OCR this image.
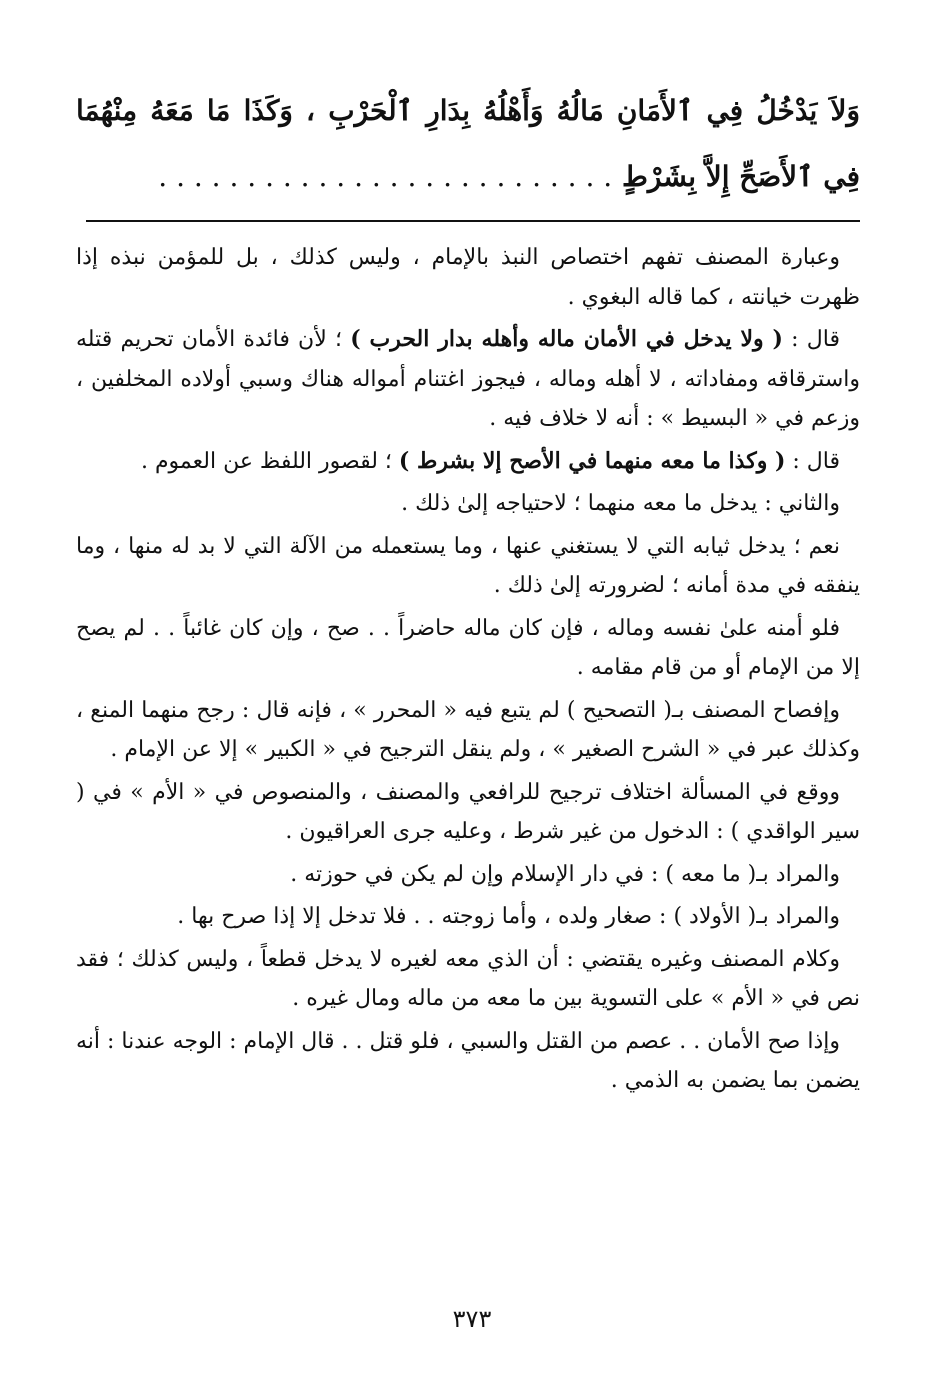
وَلاَ يَدْخُلُ فِي ٱلأَمَانِ مَالُهُ وَأَهْلُهُ بِدَارِ ٱلْحَرْبِ ، وَكَذَا مَا مَعَهُ مِنْهُمَا فِي ٱلأَصَحِّ إِلاَّ بِشَرْطٍ . . . . . . . . . . . . . . . . . . . . . . . . . .

وعبارة المصنف تفهم اختصاص النبذ بالإمام ، وليس كذلك ، بل للمؤمن نبذه إذا ظهرت خيانته ، كما قاله البغوي .

قال : ( ولا يدخل في الأمان ماله وأهله بدار الحرب ) ؛ لأن فائدة الأمان تحريم قتله واسترقاقه ومفاداته ، لا أهله وماله ، فيجوز اغتنام أمواله هناك وسبي أولاده المخلفين ، وزعم في « البسيط » : أنه لا خلاف فيه .

قال : ( وكذا ما معه منهما في الأصح إلا بشرط ) ؛ لقصور اللفظ عن العموم .

والثاني : يدخل ما معه منهما ؛ لاحتياجه إلىٰ ذلك .

نعم ؛ يدخل ثيابه التي لا يستغني عنها ، وما يستعمله من الآلة التي لا بد له منها ، وما ينفقه في مدة أمانه ؛ لضرورته إلىٰ ذلك .

فلو أمنه علىٰ نفسه وماله ، فإن كان ماله حاضراً . . صح ، وإن كان غائباً . . لم يصح إلا من الإمام أو من قام مقامه .

وإفصاح المصنف بـ( التصحيح ) لم يتبع فيه « المحرر » ، فإنه قال : رجح منهما المنع ، وكذلك عبر في « الشرح الصغير » ، ولم ينقل الترجيح في « الكبير » إلا عن الإمام .

ووقع في المسألة اختلاف ترجيح للرافعي والمصنف ، والمنصوص في « الأم » في ( سير الواقدي ) : الدخول من غير شرط ، وعليه جرى العراقيون .

والمراد بـ( ما معه ) : في دار الإسلام وإن لم يكن في حوزته .

والمراد بـ( الأولاد ) : صغار ولده ، وأما زوجته . . فلا تدخل إلا إذا صرح بها .

وكلام المصنف وغيره يقتضي : أن الذي معه لغيره لا يدخل قطعاً ، وليس كذلك ؛ فقد نص في « الأم » على التسوية بين ما معه من ماله ومال غيره .

وإذا صح الأمان . . عصم من القتل والسبي ، فلو قتل . . قال الإمام : الوجه عندنا : أنه يضمن بما يضمن به الذمي .

٣٧٣
